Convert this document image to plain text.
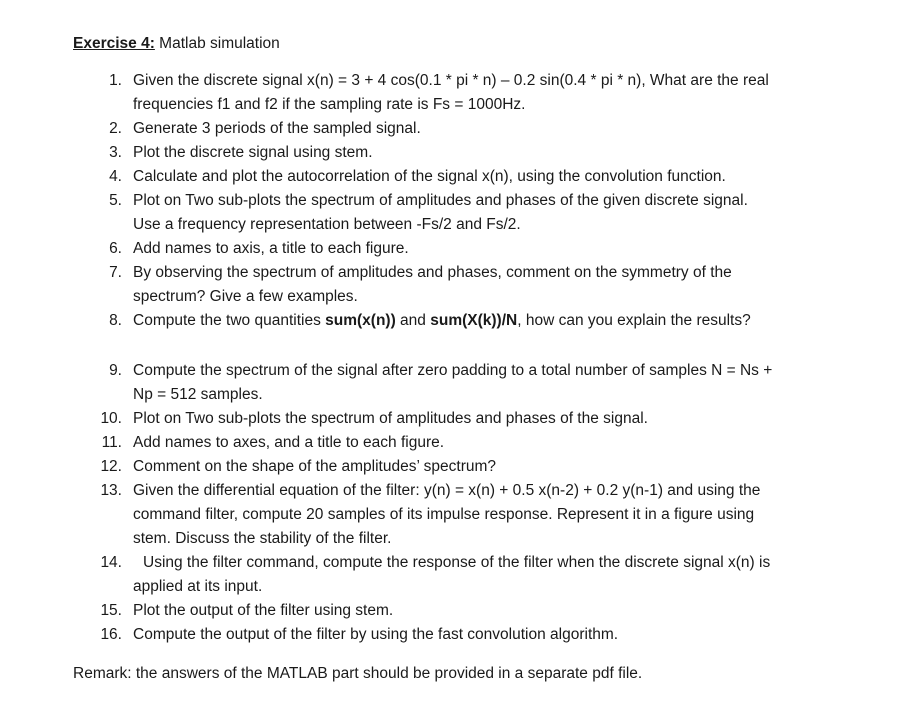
Exercise 4: Matlab simulation
1. Given the discrete signal x(n) = 3 + 4 cos(0.1 * pi * n) – 0.2 sin(0.4 * pi * n), What are the real
frequencies f1 and f2 if the sampling rate is Fs = 1000Hz.
2. Generate 3 periods of the sampled signal.
3. Plot the discrete signal using stem.
4. Calculate and plot the autocorrelation of the signal x(n), using the convolution function.
5. Plot on Two sub-plots the spectrum of amplitudes and phases of the given discrete signal.
Use a frequency representation between -Fs/2 and Fs/2.
6. Add names to axis, a title to each figure.
7. By observing the spectrum of amplitudes and phases, comment on the symmetry of the
spectrum? Give a few examples.
8. Compute the two quantities sum(x(n)) and sum(X(k))/N, how can you explain the results?
9. Compute the spectrum of the signal after zero padding to a total number of samples N = Ns +
Np = 512 samples.
10. Plot on Two sub-plots the spectrum of amplitudes and phases of the signal.
11. Add names to axes, and a title to each figure.
12. Comment on the shape of the amplitudes’ spectrum?
13. Given the differential equation of the filter: y(n) = x(n) + 0.5 x(n-2) + 0.2 y(n-1) and using the
command filter, compute 20 samples of its impulse response. Represent it in a figure using
stem. Discuss the stability of the filter.
14. Using the filter command, compute the response of the filter when the discrete signal x(n) is
applied at its input.
15. Plot the output of the filter using stem.
16. Compute the output of the filter by using the fast convolution algorithm.
Remark: the answers of the MATLAB part should be provided in a separate pdf file.
